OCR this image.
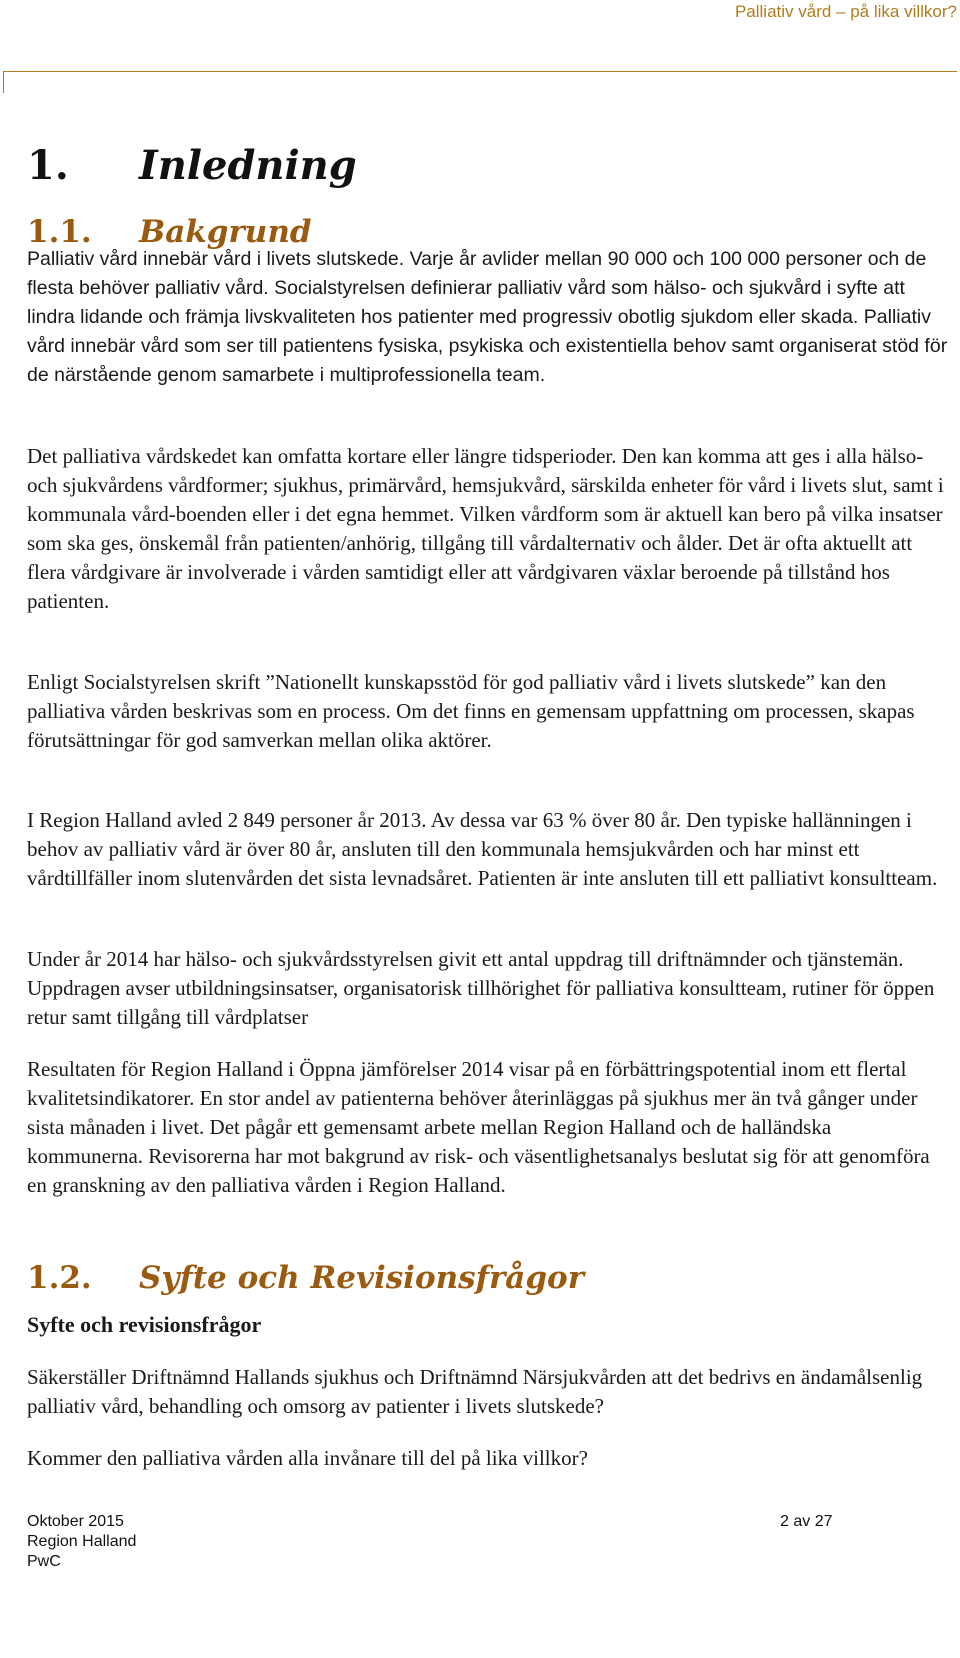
Palliativ vård – på lika villkor?
1. Inledning
1.1. Bakgrund

Palliativ vård innebär vård i livets slutskede. Varje år avlider mellan 90 000 och 100 000 personer och de flesta behöver palliativ vård. Socialstyrelsen definierar palliativ vård som hälso- och sjukvård i syfte att lindra lidande och främja livskvaliteten hos patienter med progressiv obotlig sjukdom eller skada. Palliativ vård innebär vård som ser till patientens fysiska, psykiska och existentiella behov samt organiserat stöd för de närstående genom samarbete i multiprofessionella team.

Det palliativa vårdskedet kan omfatta kortare eller längre tidsperioder. Den kan komma att ges i alla hälso- och sjukvårdens vårdformer; sjukhus, primärvård, hemsjukvård, särskilda enheter för vård i livets slut, samt i kommunala vård-boenden eller i det egna hemmet. Vilken vårdform som är aktuell kan bero på vilka insatser som ska ges, önskemål från patienten/anhörig, tillgång till vårdalternativ och ålder. Det är ofta aktuellt att flera vårdgivare är involverade i vården samtidigt eller att vårdgivaren växlar beroende på tillstånd hos patienten.

Enligt Socialstyrelsen skrift ”Nationellt kunskapsstöd för god palliativ vård i livets slutskede” kan den palliativa vården beskrivas som en process. Om det finns en gemensam uppfattning om processen, skapas förutsättningar för god samverkan mellan olika aktörer.

I Region Halland avled 2 849 personer år 2013. Av dessa var 63 % över 80 år. Den typiske hallänningen i behov av palliativ vård är över 80 år, ansluten till den kommunala hemsjukvården och har minst ett vårdtillfäller inom slutenvården det sista levnadsåret. Patienten är inte ansluten till ett palliativt konsultteam.

Under år 2014 har hälso- och sjukvårdsstyrelsen givit ett antal uppdrag till driftnämnder och tjänstemän. Uppdragen avser utbildningsinsatser, organisatorisk tillhörighet för palliativa konsultteam, rutiner för öppen retur samt tillgång till vårdplatser

Resultaten för Region Halland i Öppna jämförelser 2014 visar på en förbättringspotential inom ett flertal kvalitetsindikatorer. En stor andel av patienterna behöver återinläggas på sjukhus mer än två gånger under sista månaden i livet. Det pågår ett gemensamt arbete mellan Region Halland och de halländska kommunerna. Revisorerna har mot bakgrund av risk- och väsentlighetsanalys beslutat sig för att genomföra en granskning av den palliativa vården i Region Halland.

1.2. Syfte och Revisionsfrågor
Syfte och revisionsfrågor

Säkerställer Driftnämnd Hallands sjukhus och Driftnämnd Närsjukvården att det bedrivs en ändamålsenlig palliativ vård, behandling och omsorg av patienter i livets slutskede?

Kommer den palliativa vården alla invånare till del på lika villkor?

Oktober 2015
Region Halland
PwC
2 av 27
